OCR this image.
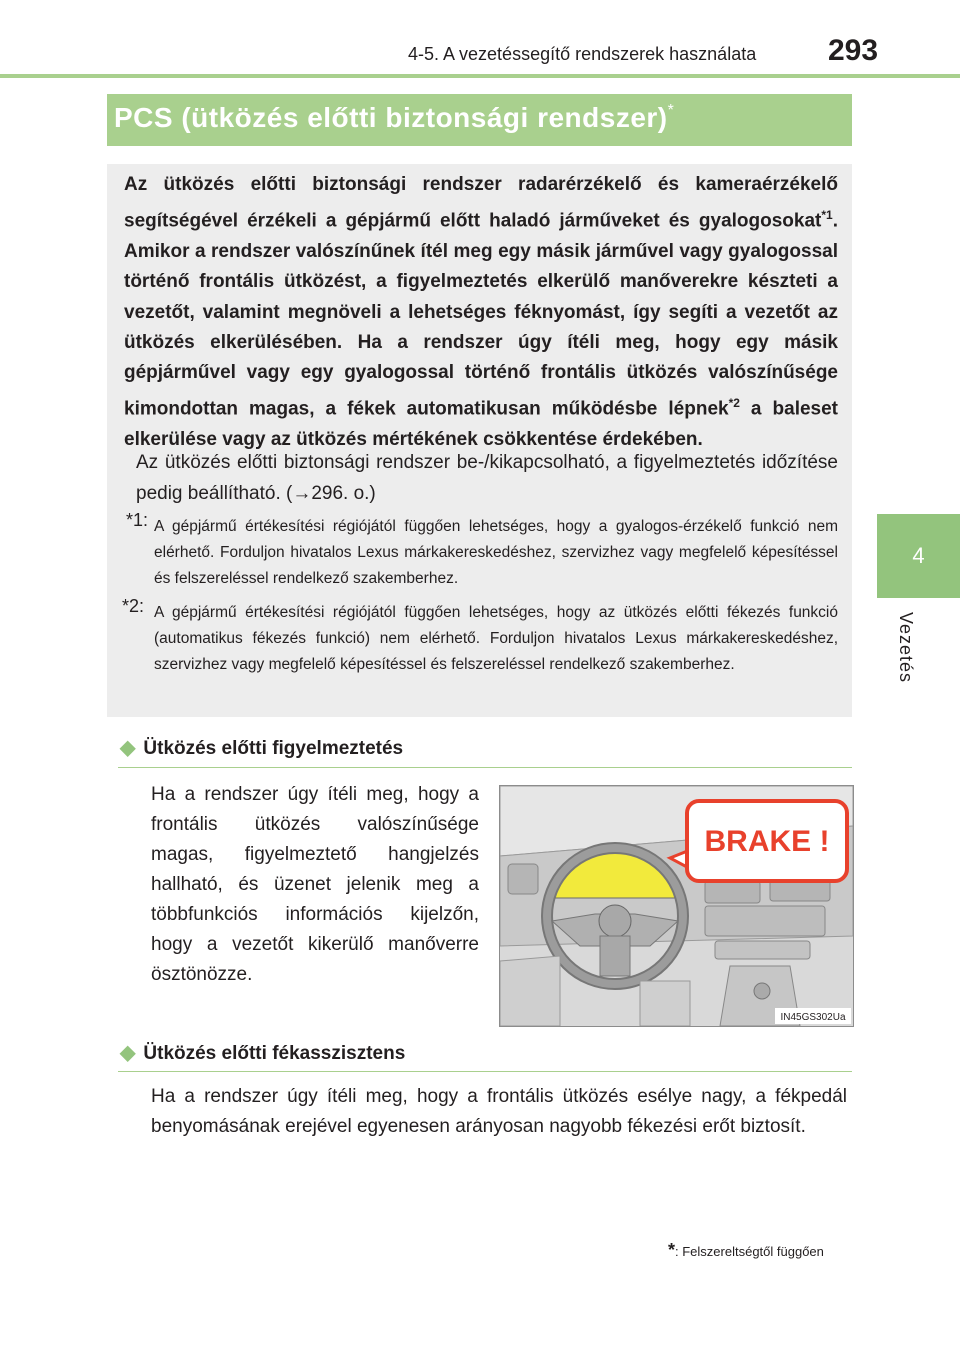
4-5. A vezetéssegítő rendszerek használata 293
4
Vezetés
PCS (ütközés előtti biztonsági rendszer)*
Az ütközés előtti biztonsági rendszer radarérzékelő és kameraérzékelő segítségével érzékeli a gépjármű előtt haladó járműveket és gyalogosokat$^{*1}$. Amikor a rendszer valószínűnek ítél meg egy másik járművel vagy gyalogossal történő frontális ütközést, a figyelmeztetés elkerülő manőverekre készteti a vezetőt, valamint megnöveli a lehetséges féknyomást, így segíti a vezetőt az ütközés elkerülésében. Ha a rendszer úgy ítéli meg, hogy egy másik gépjárművel vagy egy gyalogossal történő frontális ütközés valószínűsége kimondottan magas, a fékek automatikusan működésbe lépnek$^{*2}$ a baleset elkerülése vagy az ütközés mértékének csökkentése érdekében.
Az ütközés előtti biztonsági rendszer be-/kikapcsolható, a figyelmeztetés időzítése pedig beállítható. (→296. o.)
*1: A gépjármű értékesítési régiójától függően lehetséges, hogy a gyalogos-érzékelő funkció nem elérhető. Forduljon hivatalos Lexus márkakereskedéshez, szervizhez vagy megfelelő képesítéssel és felszereléssel rendelkező szakemberhez.
*2: A gépjármű értékesítési régiójától függően lehetséges, hogy az ütközés előtti fékezés funkció (automatikus fékezés funkció) nem elérhető. Forduljon hivatalos Lexus márkakereskedéshez, szervizhez vagy megfelelő képesítéssel és felszereléssel rendelkező szakemberhez.
◆ Ütközés előtti figyelmeztetés
Ha a rendszer úgy ítéli meg, hogy a frontális ütközés valószínűsége magas, figyelmeztető hangjelzés hallható, és üzenet jelenik meg a többfunkciós információs kijelzőn, hogy a vezetőt kikerülő manőverre ösztönözze.
BRAKE !
IN45GS302Ua
◆ Ütközés előtti fékasszisztens
Ha a rendszer úgy ítéli meg, hogy a frontális ütközés esélye nagy, a fékpedál benyomásának erejével egyenesen arányosan nagyobb fékezési erőt biztosít.
*: Felszereltségtől függően
